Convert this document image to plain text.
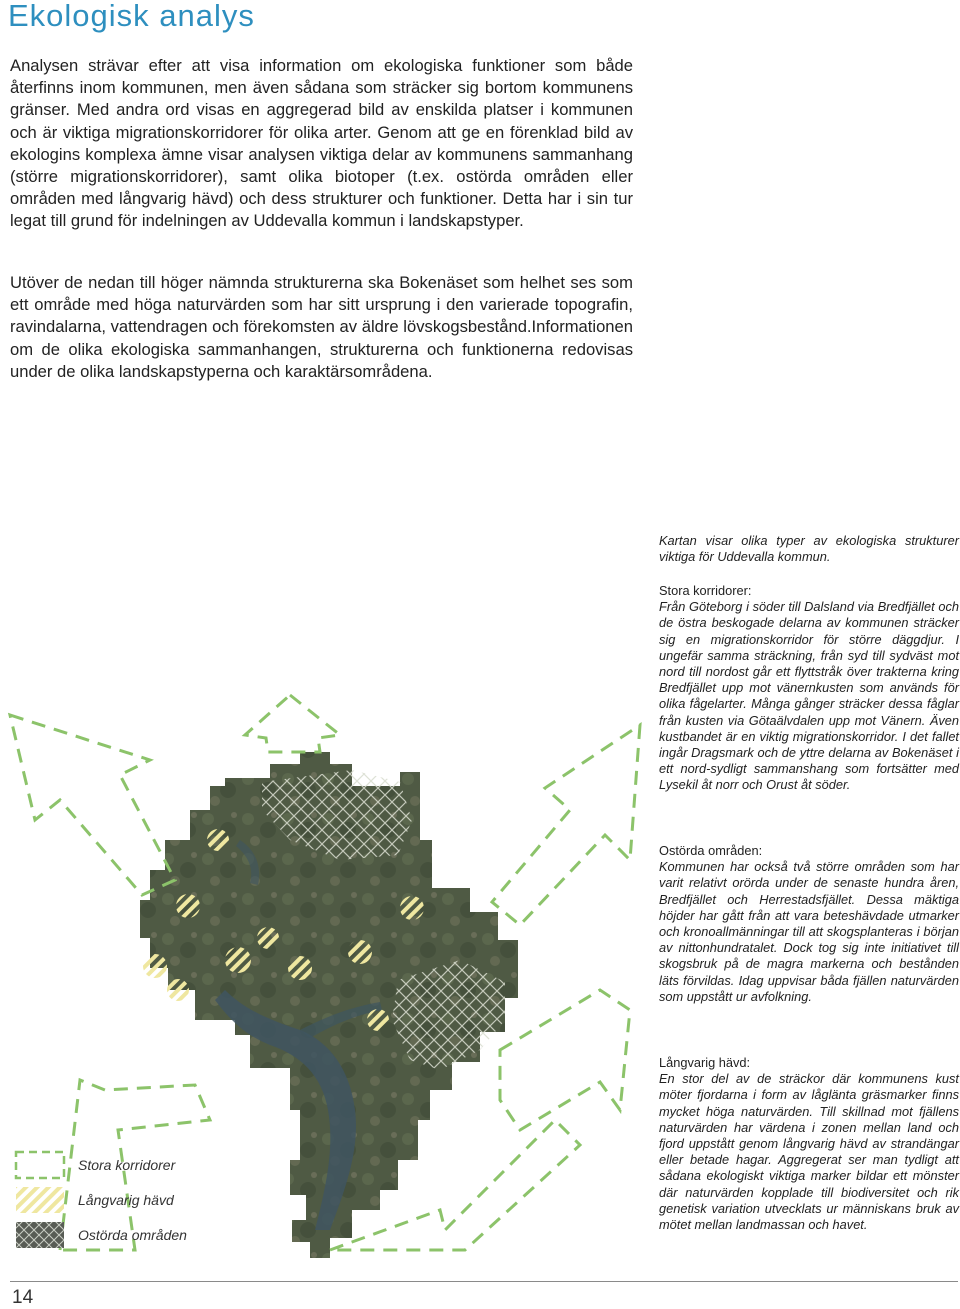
Ekologisk analys

Analysen strävar efter att visa information om ekologiska funktioner som både återfinns inom kommunen, men även sådana som sträcker sig bortom kommunens gränser. Med andra ord visas en aggregerad bild av enskilda platser i kommunen och är viktiga migrationskorridorer för olika arter. Genom att ge en förenklad bild av ekologins komplexa ämne visar analysen viktiga delar av kommunens sammanhang (större migrationskorridorer), samt olika biotoper (t.ex. ostörda områden eller områden med långvarig hävd) och dess strukturer och funktioner. Detta har i sin tur legat till grund för indelningen av Uddevalla kommun i landskapstyper.

Utöver de nedan till höger nämnda strukturerna ska Bokenäset som helhet ses som ett område med höga naturvärden som har sitt ursprung i den varierade topografin, ravindalarna, vattendragen och förekomsten av äldre lövskogsbestånd.Informationen om de olika ekologiska sammanhangen, strukturerna och funktionerna redovisas under de olika landskapstyperna och karaktärsområdena.

Kartan visar olika typer av ekologiska strukturer viktiga för Uddevalla kommun.

Stora korridorer:

Från Göteborg i söder till Dalsland via Bredfjället och de östra beskogade delarna av kommunen sträcker sig en migrationskorridor för större däggdjur. I ungefär samma sträckning, från syd till sydväst mot nord till nordost går ett flyttstråk över trakterna kring Bredfjället upp mot vänernkusten som används för olika fågelarter. Många gånger sträcker dessa fåglar från kusten via Götaälvdalen upp mot Vänern. Även kustbandet är en viktig migrationskorridor. I det fallet ingår Dragsmark och de yttre delarna av Bokenäset i ett nord-sydligt sammanshang som fortsätter med Lysekil åt norr och Orust åt söder.

Ostörda områden:

Kommunen har också två större områden som har varit relativt orörda under de senaste hundra åren, Bredfjället och Herrestadsfjället. Dessa mäktiga höjder har gått från att vara beteshävdade utmarker och kronoallmänningar till att skogsplanteras i början av nittonhundratalet. Dock tog sig inte initiativet till skogsbruk på de magra markerna och bestånden läts förvildas. Idag uppvisar båda fjällen naturvärden som uppstått ur avfolkning.

Långvarig hävd:

En stor del av de sträckor där kommunens kust möter fjordarna i form av låglänta gräsmarker finns mycket höga naturvärden. Till skillnad mot fjällens naturvärden har värdena i zonen mellan land och fjord uppstått genom långvarig hävd av strandängar eller betade hagar. Aggregerat ser man tydligt att sådana ekologiskt viktiga marker bildar ett mönster där naturvärden kopplade till biodiversitet och rik genetisk variation utvecklats ur människans bruk av mötet mellan landmassan och havet.

Stora korridorer
Långvarig hävd
Ostörda områden
14
